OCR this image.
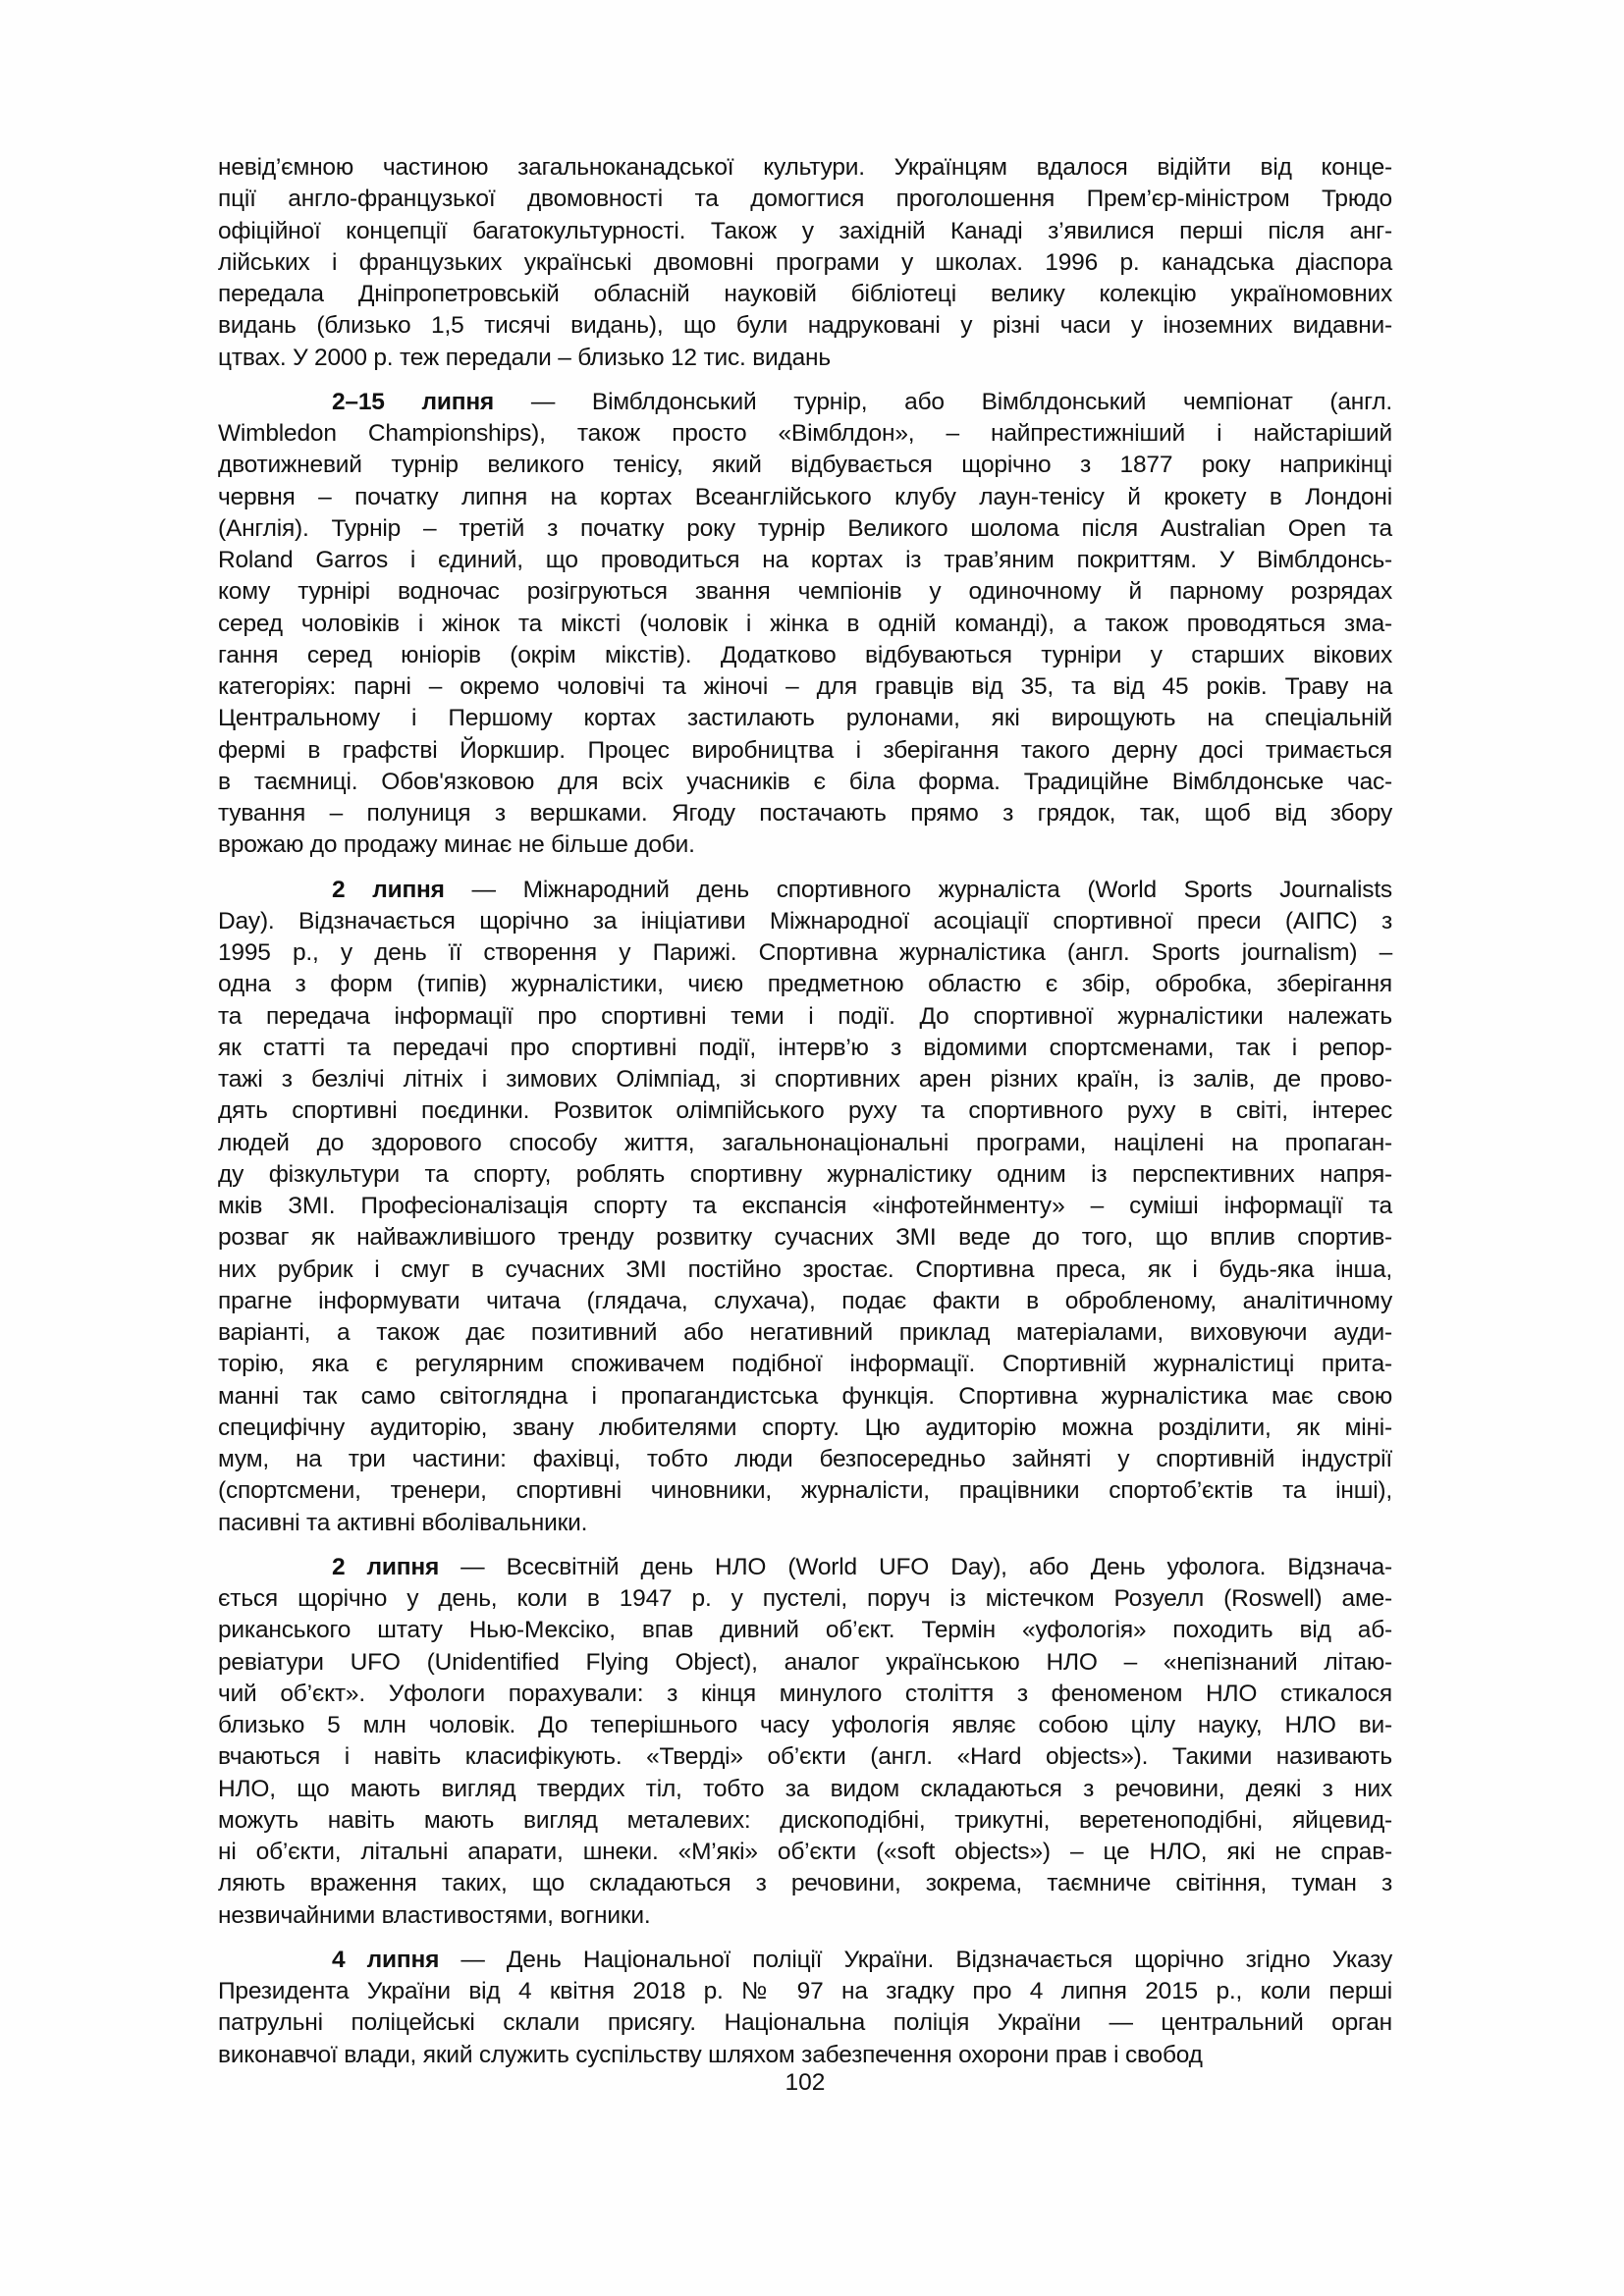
невід’ємною частиною загальноканадської культури. Українцям вдалося відійти від конце-
пції англо-французької двомовності та домогтися проголошення Прем’єр-міністром Трюдо
офіційної концепції багатокультурності. Також у західній Канаді з’явилися перші після анг-
лійських і французьких українські двомовні програми у школах. 1996 р. канадська діаспора
передала Дніпропетровській обласній науковій бібліотеці велику колекцію україномовних
видань (близько 1,5 тисячі видань), що були надруковані у різні часи у іноземних видавни-
цтвах. У 2000 р. теж передали – близько 12 тис. видань
2–15 липня — Вімблдонський турнір, або Вімблдонський чемпіонат (англ.
Wimbledon Championships), також просто «Вімблдон», – найпрестижніший і найстаріший
двотижневий турнір великого тенісу, який відбувається щорічно з 1877 року наприкінці
червня – початку липня на кортах Всеанглійського клубу лаун-тенісу й крокету в Лондоні
(Англія). Турнір – третій з початку року турнір Великого шолома після Australian Open та
Roland Garros і єдиний, що проводиться на кортах із трав’яним покриттям. У Вімблдонсь-
кому турнірі водночас розігруються звання чемпіонів у одиночному й парному розрядах
серед чоловіків і жінок та міксті (чоловік і жінка в одній команді), а також проводяться зма-
гання серед юніорів (окрім мікстів). Додатково відбуваються турніри у старших вікових
категоріях: парні – окремо чоловічі та жіночі – для гравців від 35, та від 45 років. Траву на
Центральному і Першому кортах застилають рулонами, які вирощують на спеціальній
фермі в графстві Йоркшир. Процес виробництва і зберігання такого дерну досі тримається
в таємниці. Обов'язковою для всіх учасників є біла форма. Традиційне Вімблдонське час-
тування – полуниця з вершками. Ягоду постачають прямо з грядок, так, щоб від збору
врожаю до продажу минає не більше доби.
2 липня — Міжнародний день спортивного журналіста (World Sports Journalists
Day). Відзначається щорічно за ініціативи Міжнародної асоціації спортивної преси (АІПС) з
1995 р., у день її створення у Парижі. Спортивна журналістика (англ. Sports journalism) –
одна з форм (типів) журналістики, чиєю предметною областю є збір, обробка, зберігання
та передача інформації про спортивні теми і події. До спортивної журналістики належать
як статті та передачі про спортивні події, інтерв’ю з відомими спортсменами, так і репор-
тажі з безлічі літніх і зимових Олімпіад, зі спортивних арен різних країн, із залів, де прово-
дять спортивні поєдинки. Розвиток олімпійського руху та спортивного руху в світі, інтерес
людей до здорового способу життя, загальнонаціональні програми, націлені на пропаган-
ду фізкультури та спорту, роблять спортивну журналістику одним із перспективних напря-
мків ЗМІ. Професіоналізація спорту та експансія «інфотейнменту» – суміші інформації та
розваг як найважливішого тренду розвитку сучасних ЗМІ веде до того, що вплив спортив-
них рубрик і смуг в сучасних ЗМІ постійно зростає. Спортивна преса, як і будь-яка інша,
прагне інформувати читача (глядача, слухача), подає факти в обробленому, аналітичному
варіанті, а також дає позитивний або негативний приклад матеріалами, виховуючи ауди-
торію, яка є регулярним споживачем подібної інформації. Спортивній журналістиці прита-
манні так само світоглядна і пропагандистська функція. Спортивна журналістика має свою
специфічну аудиторію, звану любителями спорту. Цю аудиторію можна розділити, як міні-
мум, на три частини: фахівці, тобто люди безпосередньо зайняті у спортивній індустрії
(спортсмени, тренери, спортивні чиновники, журналісти, працівники спортоб’єктів та інші),
пасивні та активні вболівальники.
2 липня — Всесвітній день НЛО (World UFO Day), або День уфолога. Відзнача-
ється щорічно у день, коли в 1947 р. у пустелі, поруч із містечком Розуелл (Roswell) аме-
риканського штату Нью-Мексіко, впав дивний об’єкт. Термін «уфологія» походить від аб-
ревіатури UFO (Unidentified Flying Object), аналог українською НЛО – «непізнаний літаю-
чий об’єкт». Уфологи порахували: з кінця минулого століття з феноменом НЛО стикалося
близько 5 млн чоловік. До теперішнього часу уфологія являє собою цілу науку, НЛО ви-
вчаються і навіть класифікують. «Тверді» об’єкти (англ. «Hard objects»). Такими називають
НЛО, що мають вигляд твердих тіл, тобто за видом складаються з речовини, деякі з них
можуть навіть мають вигляд металевих: дископодібні, трикутні, веретеноподібні, яйцевид-
ні об’єкти, літальні апарати, шнеки. «М’які» об’єкти («soft objects») – це НЛО, які не справ-
ляють враження таких, що складаються з речовини, зокрема, таємниче світіння, туман з
незвичайними властивостями, вогники.
4 липня — День Національної поліції України. Відзначається щорічно згідно Указу
Президента України від 4 квітня 2018 р. № 97 на згадку про 4 липня 2015 р., коли перші
патрульні поліцейські склали присягу. Національна поліція України — центральний орган
виконавчої влади, який служить суспільству шляхом забезпечення охорони прав і свобод
102
